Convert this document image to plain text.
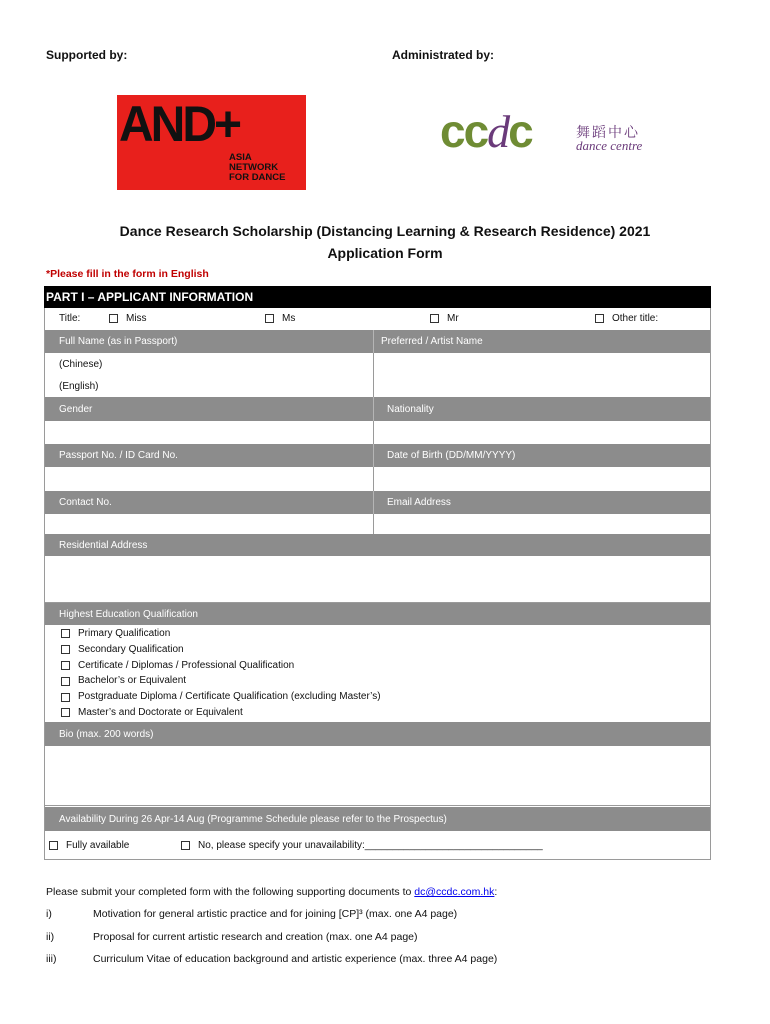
Supported by:	Administrated by:
AND+
ASIA
NETWORK
FOR DANCE
ccdc	舞蹈中心
dance centre
Dance Research Scholarship (Distancing Learning & Research Residence) 2021
Application Form
*Please fill in the form in English
PART I – APPLICANT INFORMATION
Title:	Miss	Ms	Mr	Other title:
Full Name (as in Passport)	Preferred / Artist Name
(Chinese)
(English)
Gender	Nationality
Passport No. / ID Card No.	Date of Birth (DD/MM/YYYY)
Contact No.	Email Address
Residential Address
Highest Education Qualification
Primary Qualification
Secondary Qualification
Certificate / Diplomas / Professional Qualification
Bachelor’s or Equivalent
Postgraduate Diploma / Certificate Qualification (excluding Master’s)
Master’s and Doctorate or Equivalent
Bio (max. 200 words)
Availability During 26 Apr-14 Aug (Programme Schedule please refer to the Prospectus)
Fully available	No, please specify your unavailability:________________________________
Please submit your completed form with the following supporting documents to dc@ccdc.com.hk:
i)	Motivation for general artistic practice and for joining [CP]³ (max. one A4 page)
ii)	Proposal for current artistic research and creation (max. one A4 page)
iii)	Curriculum Vitae of education background and artistic experience (max. three A4 page)
